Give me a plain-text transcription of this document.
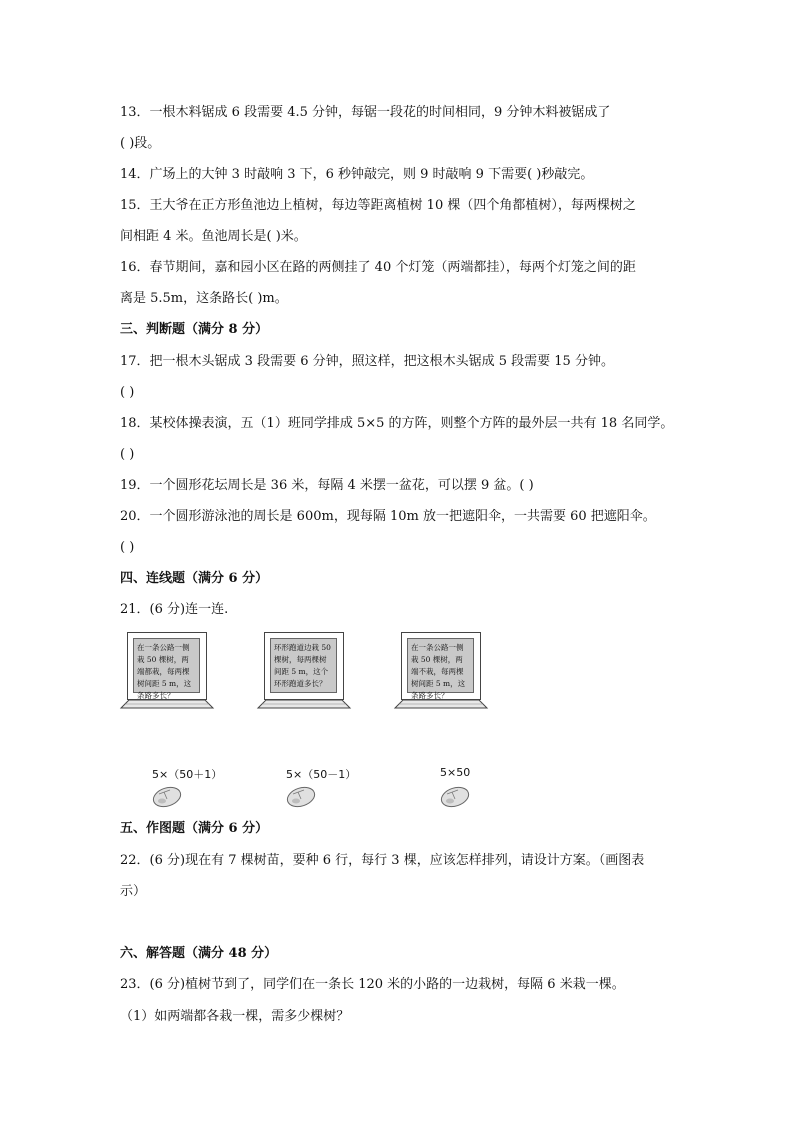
13．一根木料锯成 6 段需要 4.5 分钟，每锯一段花的时间相同，9 分钟木料被锯成了
( )段。
14．广场上的大钟 3 时敲响 3 下，6 秒钟敲完，则 9 时敲响 9 下需要( )秒敲完。
15．王大爷在正方形鱼池边上植树，每边等距离植树 10 棵（四个角都植树），每两棵树之
间相距 4 米。鱼池周长是( )米。
16．春节期间，嘉和园小区在路的两侧挂了 40 个灯笼（两端都挂），每两个灯笼之间的距
离是 5.5m，这条路长( )m。
三、判断题（满分 8 分）
17．把一根木头锯成 3 段需要 6 分钟，照这样，把这根木头锯成 5 段需要 15 分钟。
( )
18．某校体操表演，五（1）班同学排成 5×5 的方阵，则整个方阵的最外层一共有 18 名同学。
( )
19．一个圆形花坛周长是 36 米，每隔 4 米摆一盆花，可以摆 9 盆。( )
20．一个圆形游泳池的周长是 600m，现每隔 10m 放一把遮阳伞，一共需要 60 把遮阳伞。
( )
四、连线题（满分 6 分）
21．(6 分)连一连.
在一条公路一侧栽 50 棵树，两端都栽，每两棵树间距 5 m，这条路多长？
环形跑道边栽 50 棵树，每两棵树间距 5 m，这个环形跑道多长？
在一条公路一侧栽 50 棵树，两端不栽，每两棵树间距 5 m，这条路多长？
5×（50＋1）	5×（50－1）	5×50
五、作图题（满分 6 分）
22．(6 分)现在有 7 棵树苗，要种 6 行，每行 3 棵，应该怎样排列，请设计方案。（画图表
示）
六、解答题（满分 48 分）
23．(6 分)植树节到了，同学们在一条长 120 米的小路的一边栽树，每隔 6 米栽一棵。
（1）如两端都各栽一棵，需多少棵树？
